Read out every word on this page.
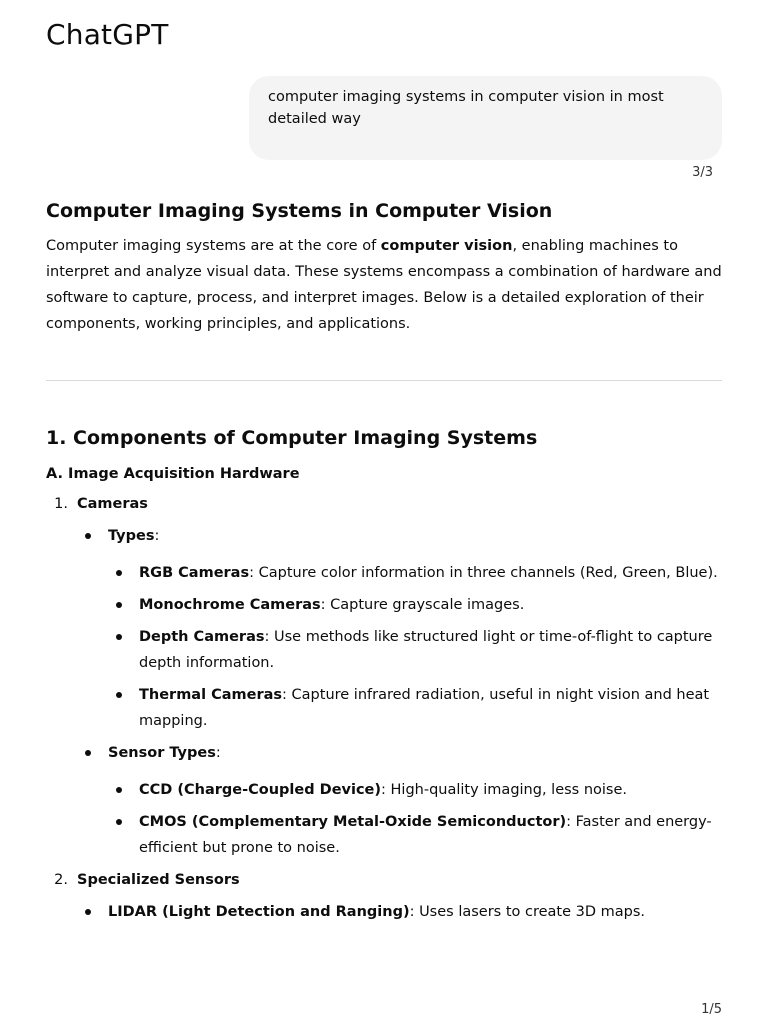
ChatGPT
computer imaging systems in computer vision in most detailed way
3/3
Computer Imaging Systems in Computer Vision

Computer imaging systems are at the core of computer vision, enabling machines to interpret and analyze visual data. These systems encompass a combination of hardware and software to capture, process, and interpret images. Below is a detailed exploration of their components, working principles, and applications.

1. Components of Computer Imaging Systems
A. Image Acquisition Hardware
1. Cameras
Types:
RGB Cameras: Capture color information in three channels (Red, Green, Blue).
Monochrome Cameras: Capture grayscale images.
Depth Cameras: Use methods like structured light or time-of-flight to capture depth information.
Thermal Cameras: Capture infrared radiation, useful in night vision and heat mapping.
Sensor Types:
CCD (Charge-Coupled Device): High-quality imaging, less noise.
CMOS (Complementary Metal-Oxide Semiconductor): Faster and energy-efficient but prone to noise.
2. Specialized Sensors
LIDAR (Light Detection and Ranging): Uses lasers to create 3D maps.
1/5
